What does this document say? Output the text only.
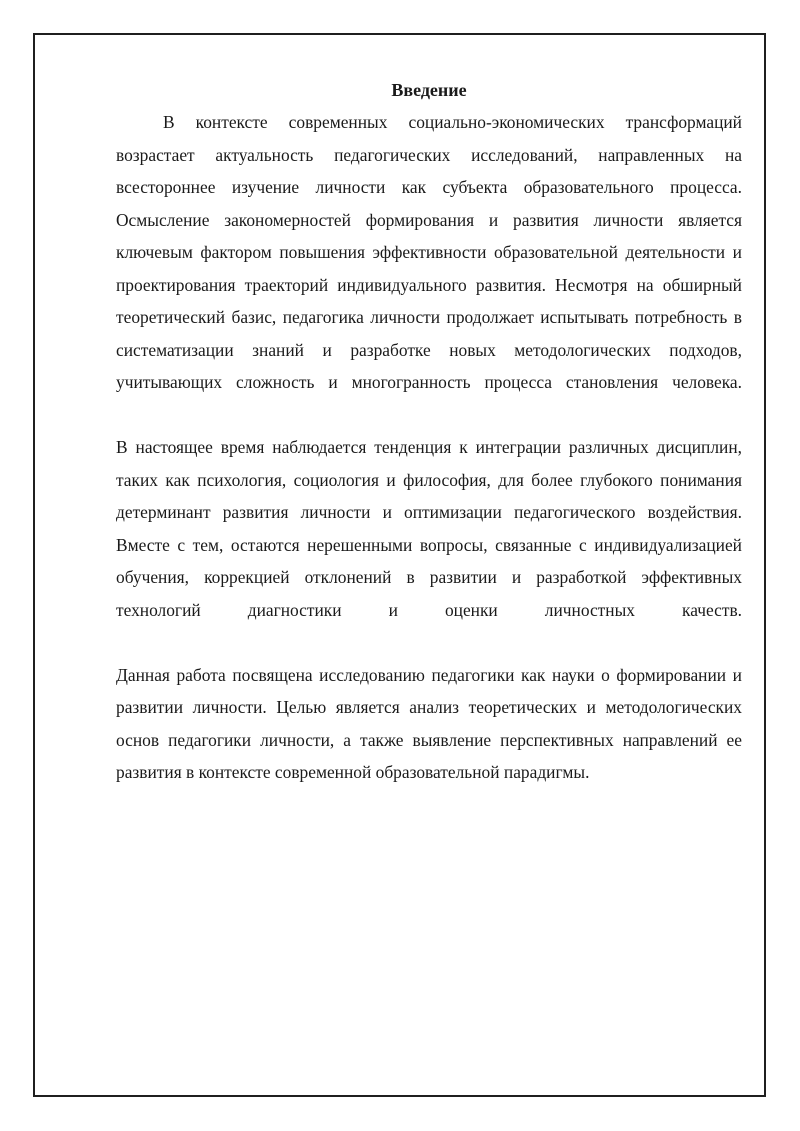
Введение

В контексте современных социально-экономических трансформаций возрастает актуальность педагогических исследований, направленных на всестороннее изучение личности как субъекта образовательного процесса. Осмысление закономерностей формирования и развития личности является ключевым фактором повышения эффективности образовательной деятельности и проектирования траекторий индивидуального развития. Несмотря на обширный теоретический базис, педагогика личности продолжает испытывать потребность в систематизации знаний и разработке новых методологических подходов, учитывающих сложность и многогранность процесса становления человека.

В настоящее время наблюдается тенденция к интеграции различных дисциплин, таких как психология, социология и философия, для более глубокого понимания детерминант развития личности и оптимизации педагогического воздействия. Вместе с тем, остаются нерешенными вопросы, связанные с индивидуализацией обучения, коррекцией отклонений в развитии и разработкой эффективных технологий диагностики и оценки личностных качеств.

Данная работа посвящена исследованию педагогики как науки о формировании и развитии личности. Целью является анализ теоретических и методологических основ педагогики личности, а также выявление перспективных направлений ее развития в контексте современной образовательной парадигмы.
